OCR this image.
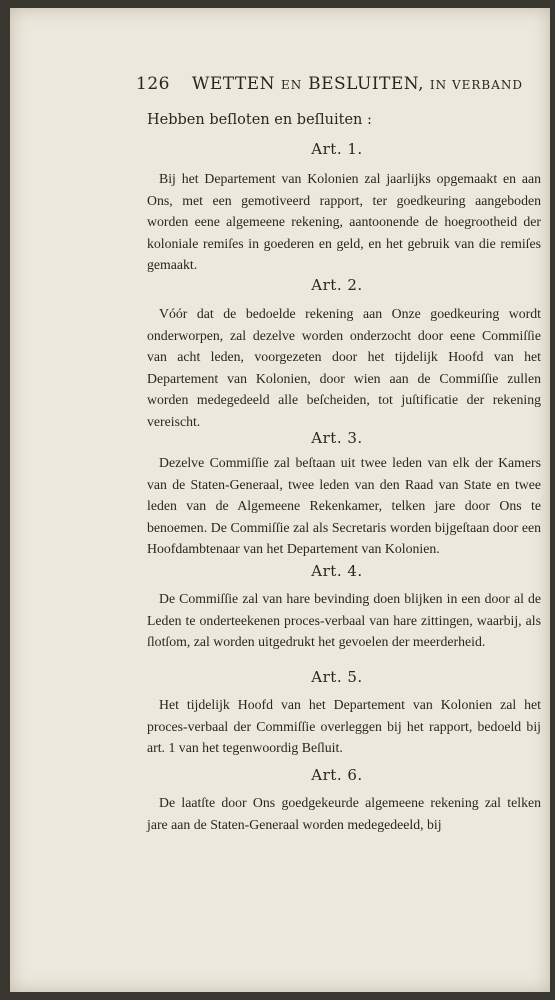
126 WETTEN EN BESLUITEN, IN VERBAND
Hebben beſloten en beſluiten :
Art. 1.
Bij het Departement van Kolonien zal jaarlijks opgemaakt en aan Ons, met een gemotiveerd rapport, ter goedkeuring aangeboden worden eene algemeene rekening, aantoonende de hoegrootheid der koloniale remiſes in goederen en geld, en het gebruik van die remiſes gemaakt.
Art. 2.
Vóór dat de bedoelde rekening aan Onze goedkeuring wordt onderworpen, zal dezelve worden onderzocht door eene Commiſſie van acht leden, voorgezeten door het tijdelijk Hoofd van het Departement van Kolonien, door wien aan de Commiſſie zullen worden medegedeeld alle beſcheiden, tot juſtificatie der rekening vereischt.
Art. 3.
Dezelve Commiſſie zal beſtaan uit twee leden van elk der Kamers van de Staten-Generaal, twee leden van den Raad van State en twee leden van de Algemeene Rekenkamer, telken jare door Ons te benoemen. De Commiſſie zal als Secretaris worden bijgeſtaan door een Hoofdambtenaar van het Departement van Kolonien.
Art. 4.
De Commiſſie zal van hare bevinding doen blijken in een door al de Leden te onderteekenen proces-verbaal van hare zittingen, waarbij, als ſlotſom, zal worden uitgedrukt het gevoelen der meerderheid.
Art. 5.
Het tijdelijk Hoofd van het Departement van Kolonien zal het proces-verbaal der Commiſſie overleggen bij het rapport, bedoeld bij art. 1 van het tegenwoordig Beſluit.
Art. 6.
De laatſte door Ons goedgekeurde algemeene rekening zal telken jare aan de Staten-Generaal worden medegedeeld, bij
